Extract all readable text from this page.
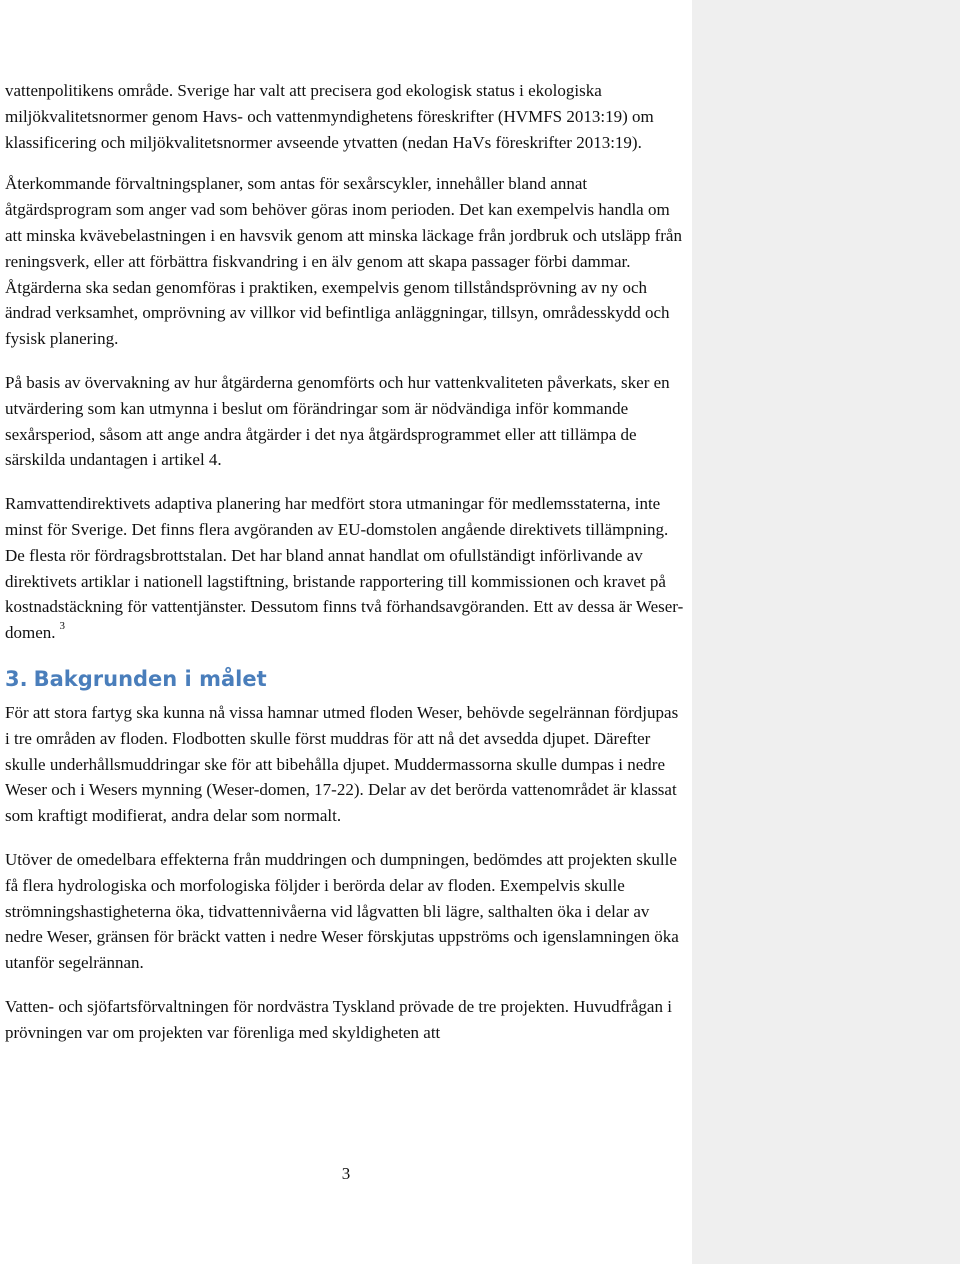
vattenpolitikens område. Sverige har valt att precisera god ekologisk status i ekologiska miljökvalitetsnormer genom Havs- och vattenmyndighetens föreskrifter (HVMFS 2013:19) om klassificering och miljökvalitetsnormer avseende ytvatten (nedan HaVs föreskrifter 2013:19).

Återkommande förvaltningsplaner, som antas för sexårscykler, innehåller bland annat åtgärdsprogram som anger vad som behöver göras inom perioden. Det kan exempelvis handla om att minska kvävebelastningen i en havsvik genom att minska läckage från jordbruk och utsläpp från reningsverk, eller att förbättra fiskvandring i en älv genom att skapa passager förbi dammar. Åtgärderna ska sedan genomföras i praktiken, exempelvis genom tillståndsprövning av ny och ändrad verksamhet, omprövning av villkor vid befintliga anläggningar, tillsyn, områdesskydd och fysisk planering.

På basis av övervakning av hur åtgärderna genomförts och hur vattenkvaliteten påverkats, sker en utvärdering som kan utmynna i beslut om förändringar som är nödvändiga inför kommande sexårsperiod, såsom att ange andra åtgärder i det nya åtgärdsprogrammet eller att tillämpa de särskilda undantagen i artikel 4.

Ramvattendirektivets adaptiva planering har medfört stora utmaningar för medlemsstaterna, inte minst för Sverige. Det finns flera avgöranden av EU-domstolen angående direktivets tillämpning. De flesta rör fördragsbrottstalan. Det har bland annat handlat om ofullständigt införlivande av direktivets artiklar i nationell lagstiftning, bristande rapportering till kommissionen och kravet på kostnadstäckning för vattentjänster. Dessutom finns två förhandsavgöranden. Ett av dessa är Weser-domen. $^3$

3. Bakgrunden i målet

För att stora fartyg ska kunna nå vissa hamnar utmed floden Weser, behövde segelrännan fördjupas i tre områden av floden. Flodbotten skulle först muddras för att nå det avsedda djupet. Därefter skulle underhållsmuddringar ske för att bibehålla djupet. Muddermassorna skulle dumpas i nedre Weser och i Wesers mynning (Weser-domen, 17-22). Delar av det berörda vattenområdet är klassat som kraftigt modifierat, andra delar som normalt.

Utöver de omedelbara effekterna från muddringen och dumpningen, bedömdes att projekten skulle få flera hydrologiska och morfologiska följder i berörda delar av floden. Exempelvis skulle strömningshastigheterna öka, tidvattennivåerna vid lågvatten bli lägre, salthalten öka i delar av nedre Weser, gränsen för bräckt vatten i nedre Weser förskjutas uppströms och igenslamningen öka utanför segelrännan.

Vatten- och sjöfartsförvaltningen för nordvästra Tyskland prövade de tre projekten. Huvudfrågan i prövningen var om projekten var förenliga med skyldigheten att

3
